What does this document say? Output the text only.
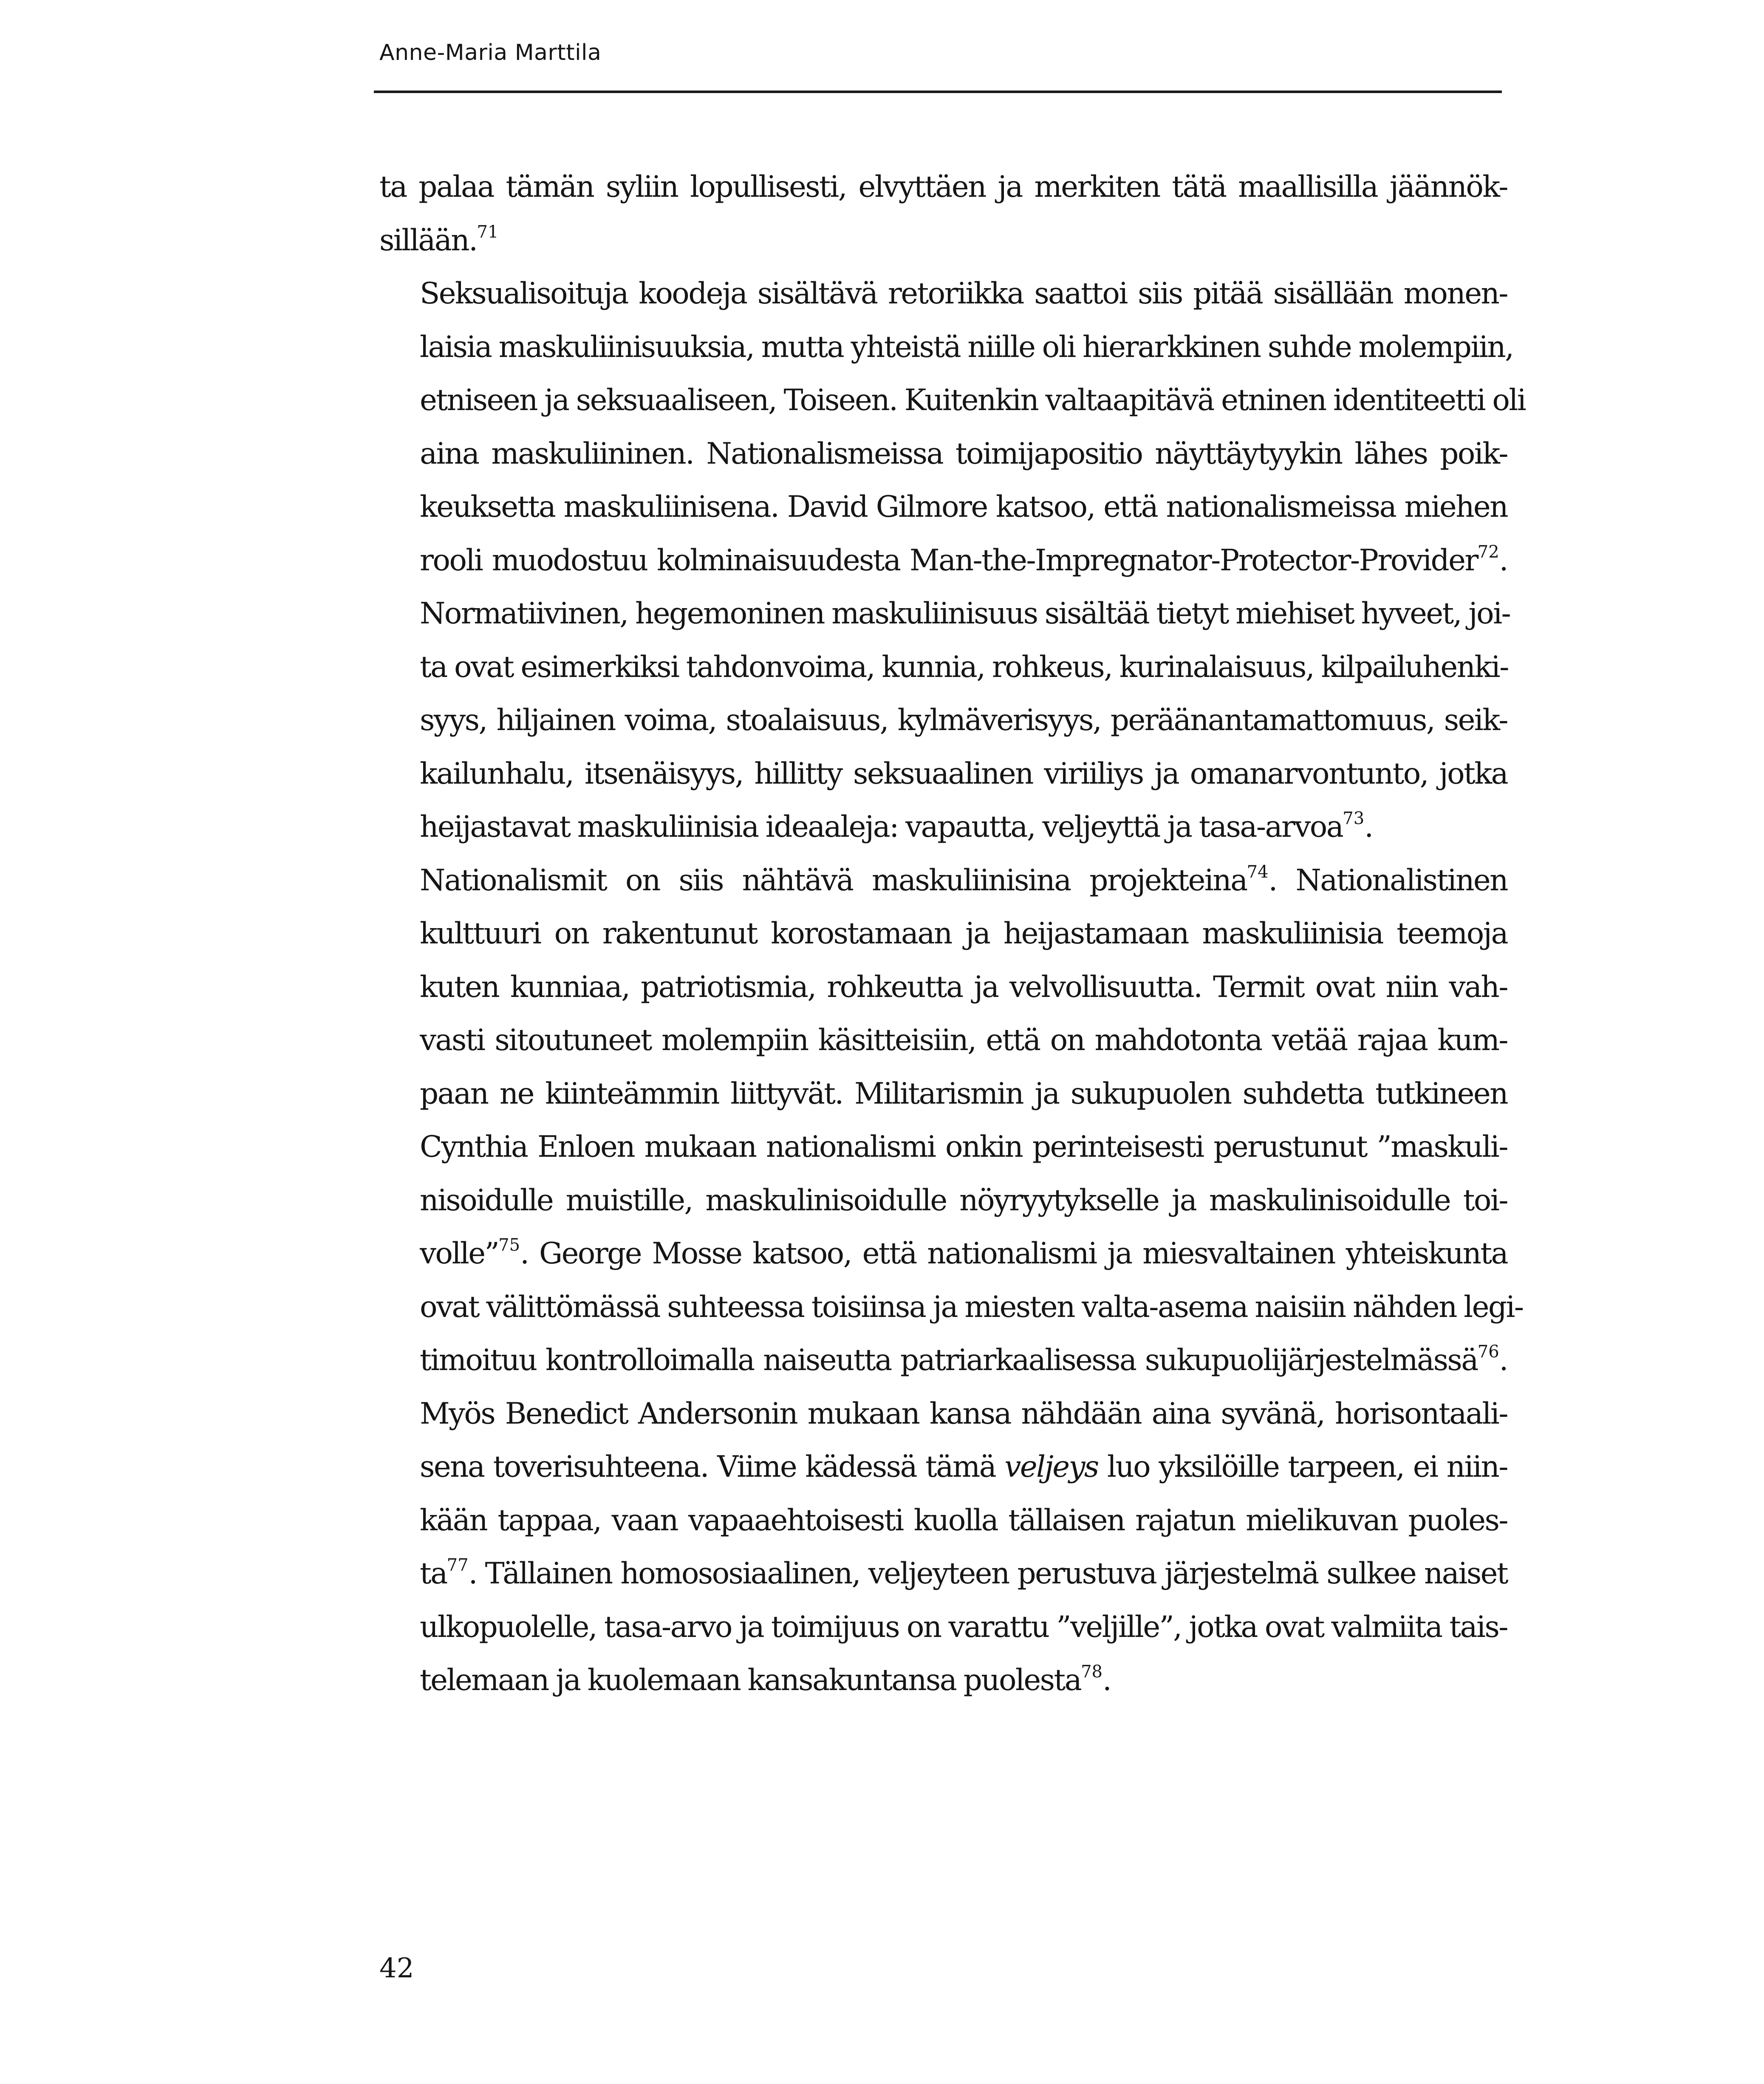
Anne-Maria Marttila
ta palaa tämän syliin lopullisesti, elvyttäen ja merkiten tätä maallisilla jäännök-
sillään.$^{71}$
Seksualisoituja koodeja sisältävä retoriikka saattoi siis pitää sisällään monen-
laisia maskuliinisuuksia, mutta yhteistä niille oli hierarkkinen suhde molempiin,
etniseen ja seksuaaliseen, Toiseen. Kuitenkin valtaapitävä etninen identiteetti oli
aina maskuliininen. Nationalismeissa toimijapositio näyttäytyykin lähes poik-
keuksetta maskuliinisena. David Gilmore katsoo, että nationalismeissa miehen
rooli muodostuu kolminaisuudesta Man-the-Impregnator-Protector-Provider$^{72}$.
Normatiivinen, hegemoninen maskuliinisuus sisältää tietyt miehiset hyveet, joi-
ta ovat esimerkiksi tahdonvoima, kunnia, rohkeus, kurinalaisuus, kilpailuhenki-
syys, hiljainen voima, stoalaisuus, kylmäverisyys, peräänantamattomuus, seik-
kailunhalu, itsenäisyys, hillitty seksuaalinen viriiliys ja omanarvontunto, jotka
heijastavat maskuliinisia ideaaleja: vapautta, veljeyttä ja tasa-arvoa$^{73}$.
Nationalismit on siis nähtävä maskuliinisina projekteina$^{74}$. Nationalistinen
kulttuuri on rakentunut korostamaan ja heijastamaan maskuliinisia teemoja
kuten kunniaa, patriotismia, rohkeutta ja velvollisuutta. Termit ovat niin vah-
vasti sitoutuneet molempiin käsitteisiin, että on mahdotonta vetää rajaa kum-
paan ne kiinteämmin liittyvät. Militarismin ja sukupuolen suhdetta tutkineen
Cynthia Enloen mukaan nationalismi onkin perinteisesti perustunut ”maskuli-
nisoidulle muistille, maskulinisoidulle nöyryytykselle ja maskulinisoidulle toi-
volle”$^{75}$. George Mosse katsoo, että nationalismi ja miesvaltainen yhteiskunta
ovat välittömässä suhteessa toisiinsa ja miesten valta-asema naisiin nähden legi-
timoituu kontrolloimalla naiseutta patriarkaalisessa sukupuolijärjestelmässä$^{76}$.
Myös Benedict Andersonin mukaan kansa nähdään aina syvänä, horisontaali-
sena toverisuhteena. Viime kädessä tämä veljeys luo yksilöille tarpeen, ei niin-
kään tappaa, vaan vapaaehtoisesti kuolla tällaisen rajatun mielikuvan puoles-
ta$^{77}$. Tällainen homososiaalinen, veljeyteen perustuva järjestelmä sulkee naiset
ulkopuolelle, tasa-arvo ja toimijuus on varattu ”veljille”, jotka ovat valmiita tais-
telemaan ja kuolemaan kansakuntansa puolesta$^{78}$.
42
